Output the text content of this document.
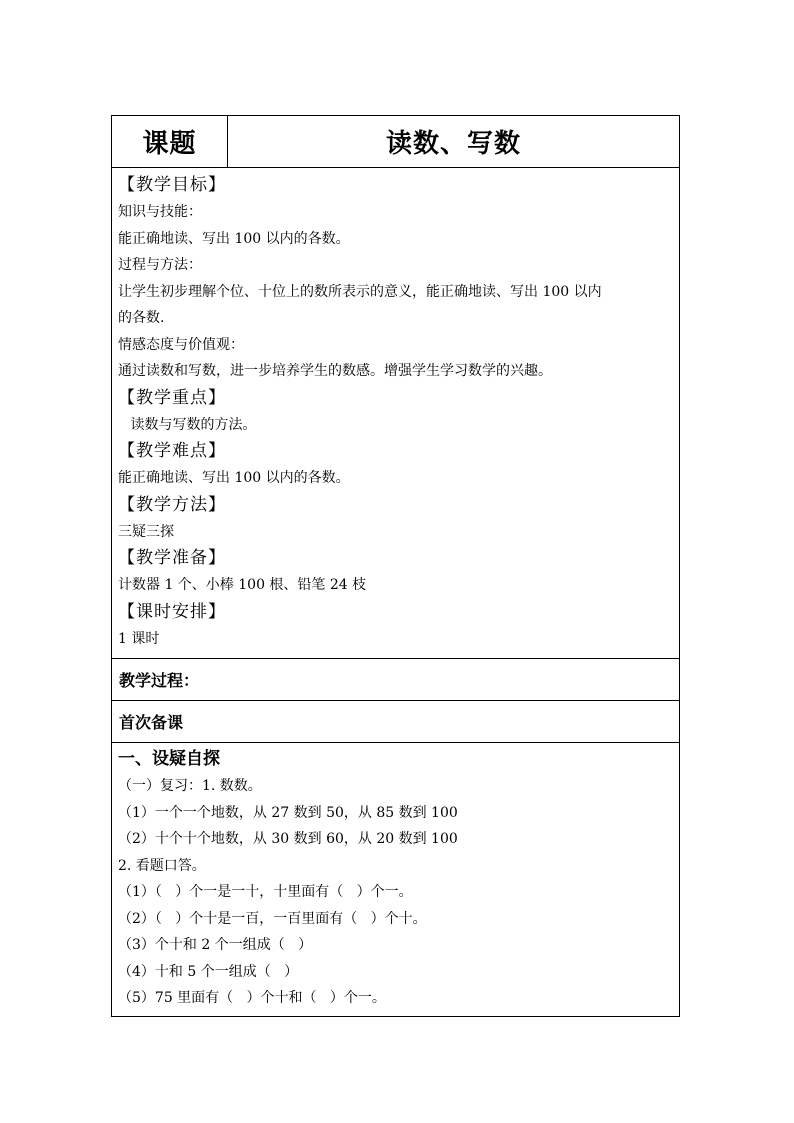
课题	读数、写数

【教学目标】
知识与技能：
能正确地读、写出 100 以内的各数。
过程与方法：
让学生初步理解个位、十位上的数所表示的意义，能正确地读、写出 100 以内
的各数.
情感态度与价值观：
通过读数和写数，进一步培养学生的数感。增强学生学习数学的兴趣。
【教学重点】
读数与写数的方法。
【教学难点】
能正确地读、写出 100 以内的各数。
【教学方法】
三疑三探
【教学准备】
计数器 1 个、小棒 100 根、铅笔 24 枝
【课时安排】
1 课时

教学过程：
首次备课

一、设疑自探
（一）复习：1. 数数。
（1）一个一个地数，从 27 数到 50，从 85 数到 100
（2）十个十个地数，从 30 数到 60，从 20 数到 100
2. 看题口答。
（1）（   ）个一是一十，十里面有（   ）个一。
（2）（   ）个十是一百，一百里面有（   ）个十。
（3）个十和 2 个一组成（   ）
（4）十和 5 个一组成（   ）
（5）75 里面有（   ）个十和（   ）个一。
